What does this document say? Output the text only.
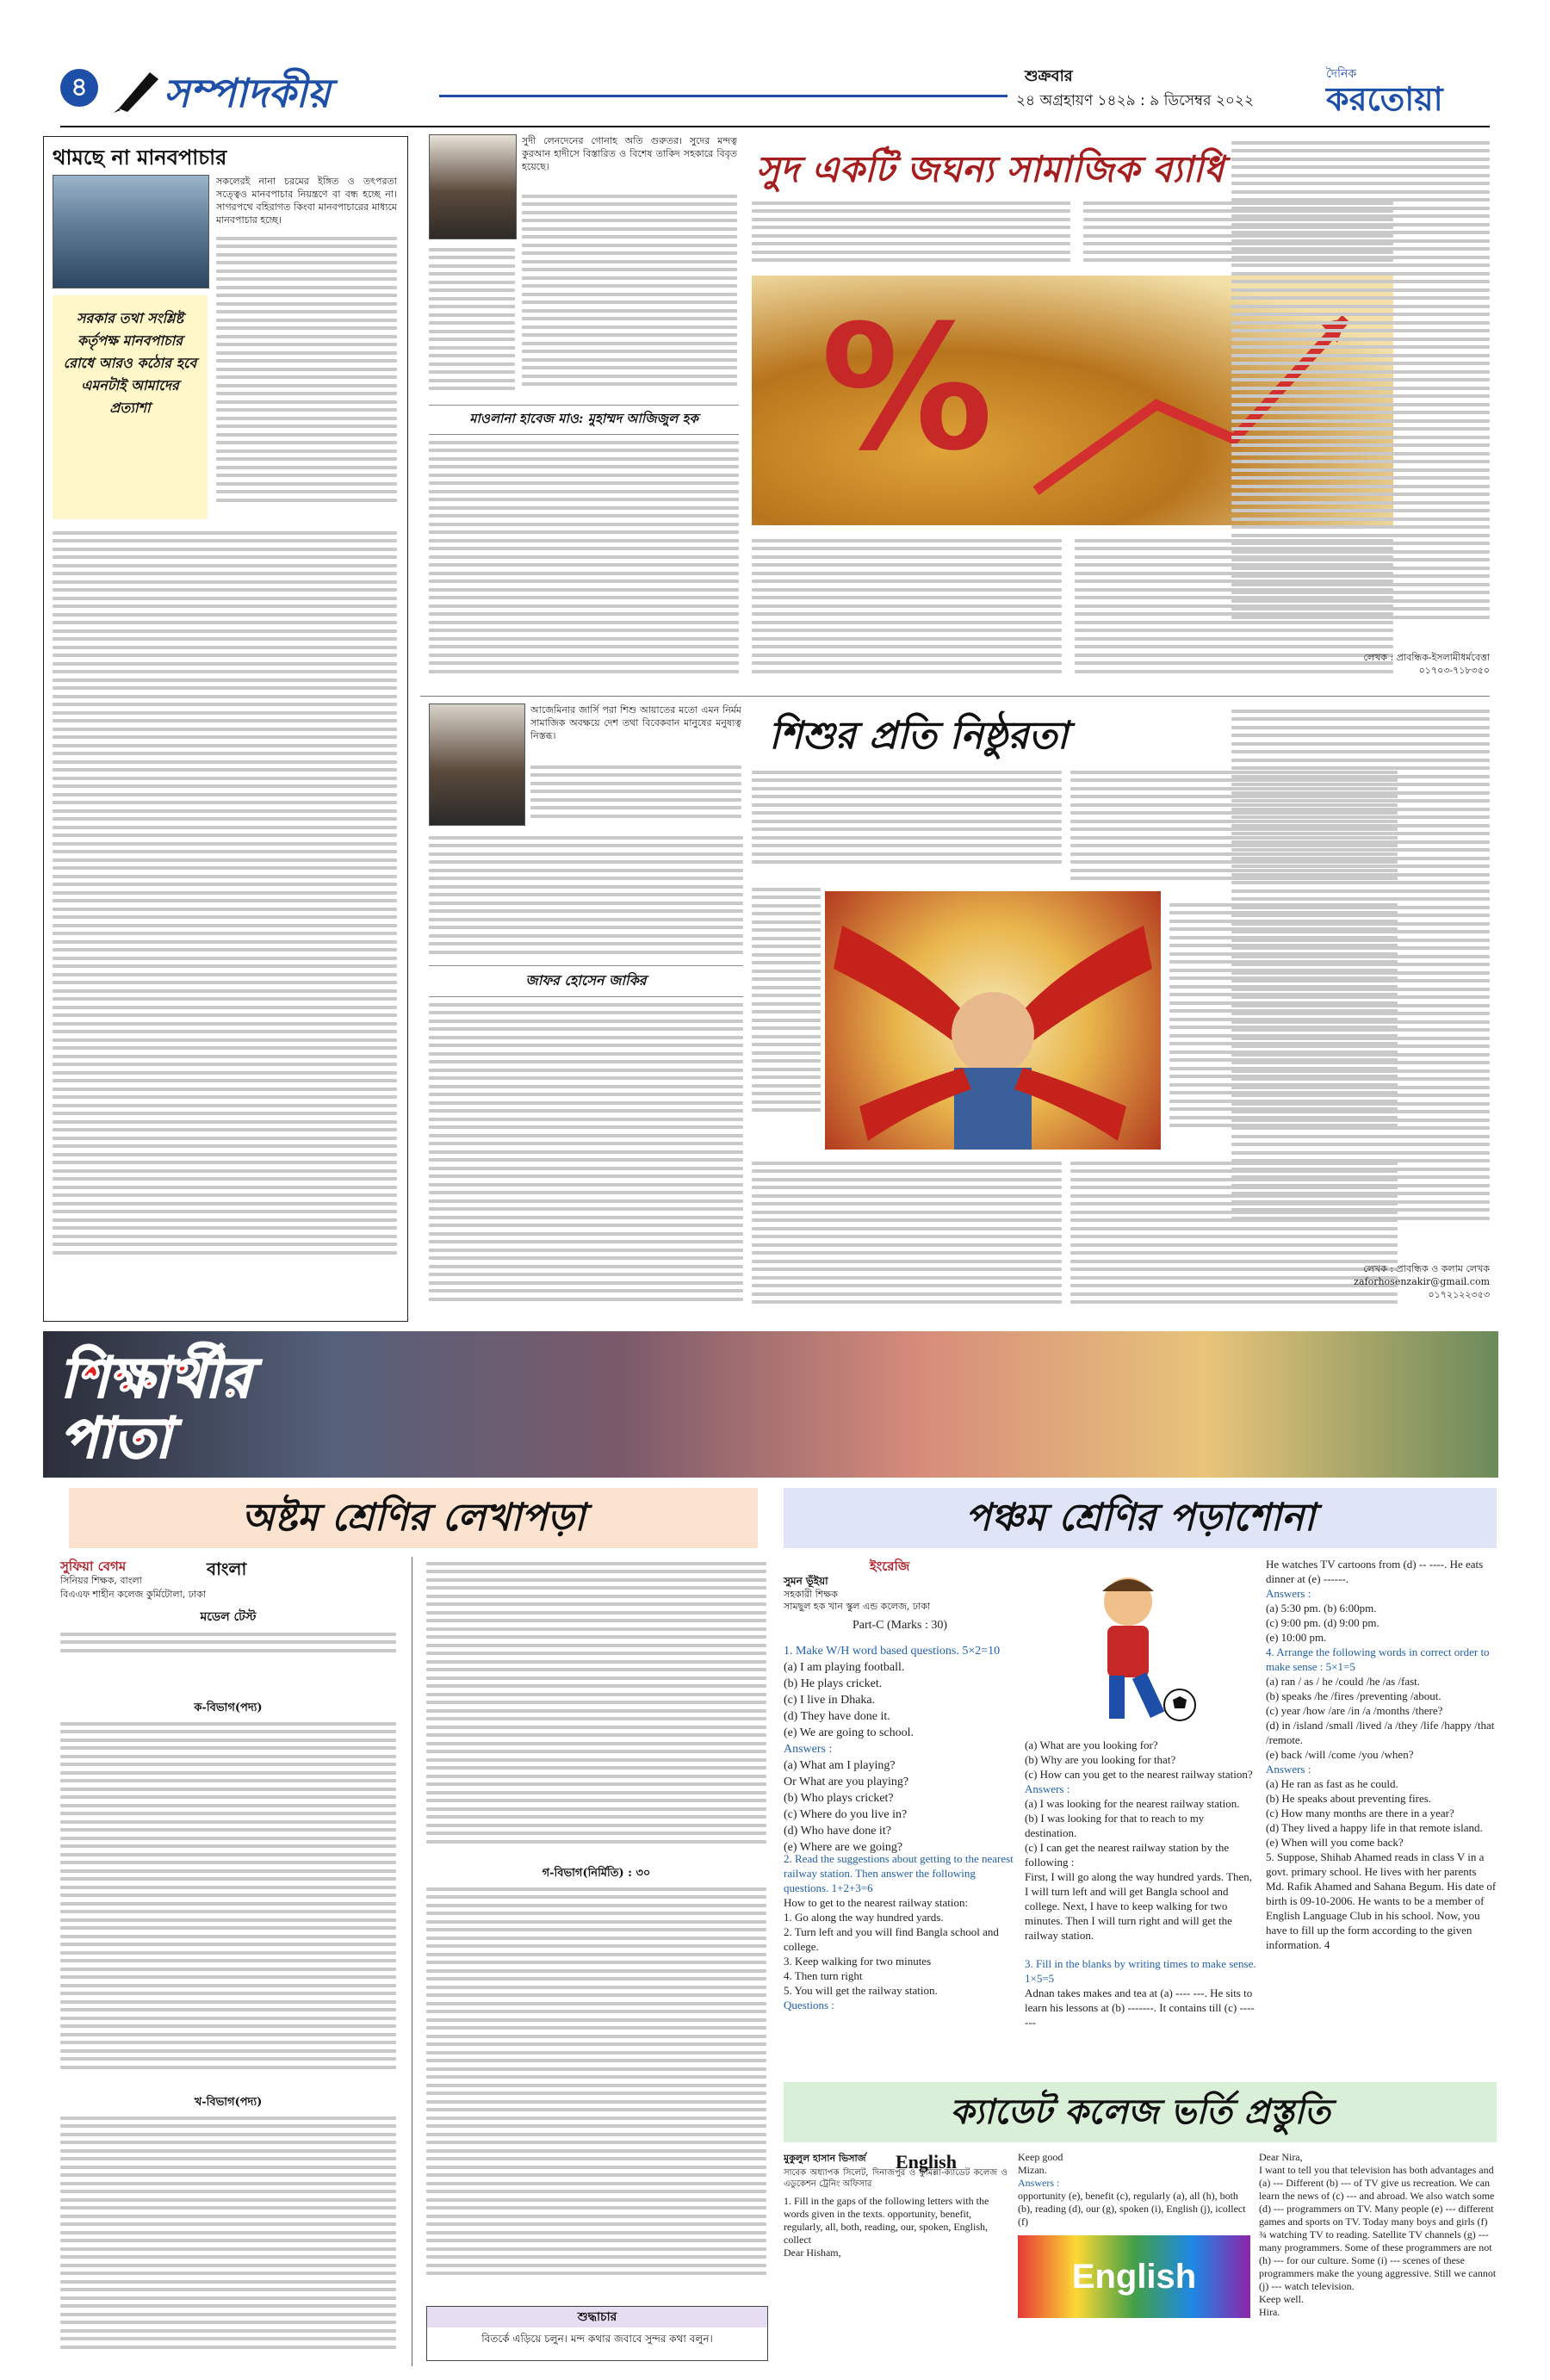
৪ সম্পাদকীয়	শুক্রবার
২৪ অগ্রহায়ণ ১৪২৯ : ৯ ডিসেম্বর ২০২২
দৈনিক
করতোয়া
থামছে না মানবপাচার
সরকার তথা সংশ্লিষ্ট কর্তৃপক্ষ মানবপাচার রোধে আরও কঠোর হবে এমনটাই আমাদের প্রত্যাশা
সকলেরই নানা চরমের ইঙ্গিত ও তৎপরতা সত্ত্বেও মানবপাচার নিয়ন্ত্রণে বা বন্ধ হচ্ছে না। সাগরপথে বহিরাগত কিংবা মানবপাচারের মাধ্যমে মানবপাচার হচ্ছে।
সুদী লেনদেনের গোনাহ অতি গুরুতর। সুদের মন্দত্ব কুরআন হাদীসে বিস্তারিত ও বিশেষ তাকিদ সহকারে বিবৃত হয়েছে।
মাওলানা হাবেজ মাও: মুহাম্মদ আজিজুল হক
সুদ একটি জঘন্য সামাজিক ব্যাধি
%
লেখক : প্রাবন্ধিক-ইসলামীধর্মবেত্তা
০১৭০৩-৭১৮৩৫০
আজেমিনার জার্সি পরা শিশু আয়াতের মতো এমন নির্মম সামাজিক অবক্ষয়ে দেশ তথা বিবেকবান মানুষের মনুষ্যত্ব নিস্তব্ধ।
জাফর হোসেন জাকির
শিশুর প্রতি নিষ্ঠুরতা
লেখক : প্রাবন্ধিক ও কলাম লেখক
zaforhosenzakir@gmail.com
০১৭২১২২৩৫৩
শিক্ষার্থীর পাতা
অষ্টম শ্রেণির লেখাপড়া	পঞ্চম শ্রেণির পড়াশোনা
সুফিয়া বেগম
সিনিয়র শিক্ষক, বাংলা
বিএএফ শাহীন কলেজ কুর্মিটোলা, ঢাকা
বাংলা
মডেল টেস্ট
ক-বিভাগ(পদ্য)
খ-বিভাগ(পদ্য)
গ-বিভাগ(নির্মিতি) : ৩০
শুদ্ধাচার
বিতর্কে এড়িয়ে চলুন। মন্দ কথার জবাবে সুন্দর কথা বলুন।
ইংরেজি
সুমন ভূঁইয়া
সহকারী শিক্ষক
সামছুল হক খান স্কুল এন্ড কলেজ, ঢাকা
Part-C (Marks : 30)
1. Make W/H word based questions. 5×2=10
(a) I am playing football.
(b) He plays cricket.
(c) I live in Dhaka.
(d) They have done it.
(e) We are going to school.
Answers :
(a) What am I playing?
Or What are you playing?
(b) Who plays cricket?
(c) Where do you live in?
(d) Who have done it?
(e) Where are we going?
2. Read the suggestions about getting to the nearest railway station. Then answer the following questions. 1+2+3=6
How to get to the nearest railway station:
1. Go along the way hundred yards.
2. Turn left and you will find Bangla school and college.
3. Keep walking for two minutes
4. Then turn right
5. You will get the railway station.
Questions :
(a) What are you looking for?
(b) Why are you looking for that?
(c) How can you get to the nearest railway station?
Answers :
(a) I was looking for the nearest railway station.
(b) I was looking for that to reach to my destination.
(c) I can get the nearest railway station by the following :
First, I will go along the way hundred yards. Then, I will turn left and will get Bangla school and college. Next, I have to keep walking for two minutes. Then I will turn right and will get the railway station.
3. Fill in the blanks by writing times to make sense. 1×5=5
Adnan takes makes and tea at (a) ---- ---. He sits to learn his lessons at (b) -------. It contains till (c) -------
He watches TV cartoons from (d) -- ----. He eats dinner at (e) ------.
Answers :
(a) 5:30 pm. (b) 6:00pm.
(c) 9:00 pm. (d) 9:00 pm.
(e) 10:00 pm.
4. Arrange the following words in correct order to make sense : 5×1=5
(a) ran / as / he /could /he /as /fast.
(b) speaks /he /fires /preventing /about.
(c) year /how /are /in /a /months /there?
(d) in /island /small /lived /a /they /life /happy /that /remote.
(e) back /will /come /you /when?
Answers :
(a) He ran as fast as he could.
(b) He speaks about preventing fires.
(c) How many months are there in a year?
(d) They lived a happy life in that remote island.
(e) When will you come back?
5. Suppose, Shihab Ahamed reads in class V in a govt. primary school. He lives with her parents Md. Rafik Ahamed and Sahana Begum. His date of birth is 09-10-2006. He wants to be a member of English Language Club in his school. Now, you have to fill up the form according to the given information. 4
ক্যাডেট কলেজ ভর্তি প্রস্তুতি
মুকুলুল হাসান ভিসার্জ
সাবেক অধ্যাপক সিলেট, দিনাজপুর ও কুমিল্লা-ক্যাডেট কলেজ ও এডুকেশন ট্রেনিং অফিসার
1. Fill in the gaps of the following letters with the words given in the texts. opportunity, benefit, regularly, all, both, reading, our, spoken, English, collect
Dear Hisham,
English	Keep good
Mizan.
Answers :
opportunity (e), benefit (c), regularly (a), all (h), both (b), reading (d), our (g), spoken (i), English (j), icollect (f)
English
Dear Nira,
I want to tell you that television has both advantages and (a) --- Different (b) --- of TV give us recreation. We can learn the news of (c) --- and abroad. We also watch some (d) --- programmers on TV. Many people (e) --- different games and sports on TV. Today many boys and girls (f) ¾ watching TV to reading. Satellite TV channels (g) --- many programmers. Some of these programmers are not (h) --- for our culture. Some (i) --- scenes of these programmers make the young aggressive. Still we cannot (j) --- watch television.
Keep well.
Hira.
